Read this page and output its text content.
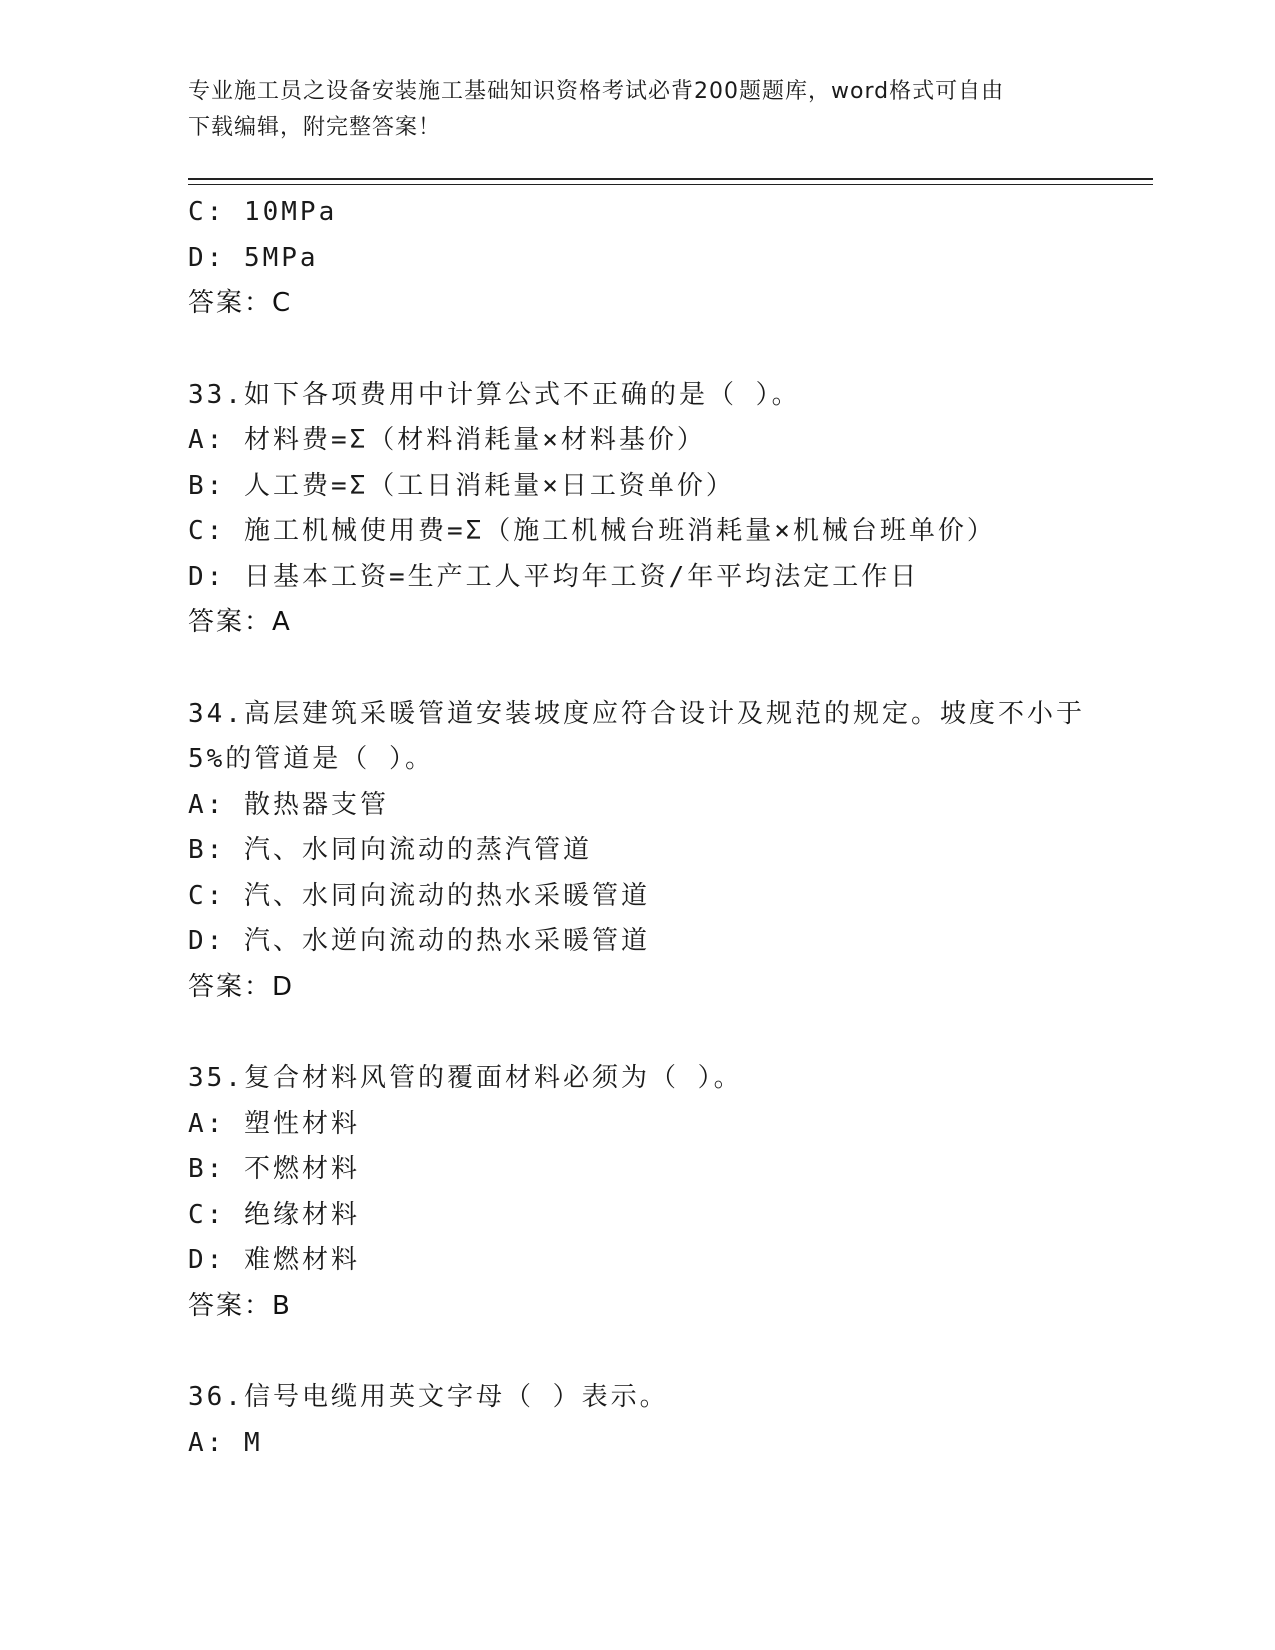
专业施工员之设备安装施工基础知识资格考试必背200题题库，word格式可自由
下载编辑，附完整答案！
C: 10MPa
D: 5MPa
答案：C
33.如下各项费用中计算公式不正确的是（ ）。
A: 材料费=Σ（材料消耗量×材料基价）
B: 人工费=Σ（工日消耗量×日工资单价）
C: 施工机械使用费=Σ（施工机械台班消耗量×机械台班单价）
D: 日基本工资=生产工人平均年工资/年平均法定工作日
答案：A
34.高层建筑采暖管道安装坡度应符合设计及规范的规定。坡度不小于
5%的管道是（ ）。
A: 散热器支管
B: 汽、水同向流动的蒸汽管道
C: 汽、水同向流动的热水采暖管道
D: 汽、水逆向流动的热水采暖管道
答案：D
35.复合材料风管的覆面材料必须为（ ）。
A: 塑性材料
B: 不燃材料
C: 绝缘材料
D: 难燃材料
答案：B
36.信号电缆用英文字母（ ）表示。
A: M
